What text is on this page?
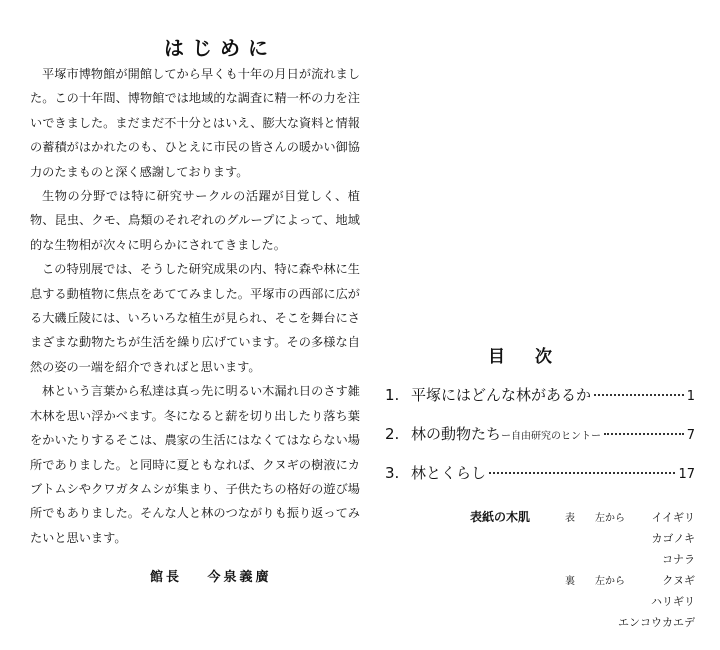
はじめに

平塚市博物館が開館してから早くも十年の月日が流れました。この十年間、博物館では地域的な調査に精一杯の力を注いできました。まだまだ不十分とはいえ、膨大な資料と情報の蓄積がはかれたのも、ひとえに市民の皆さんの暖かい御協力のたまものと深く感謝しております。

生物の分野では特に研究サークルの活躍が目覚しく、植物、昆虫、クモ、鳥類のそれぞれのグループによって、地域的な生物相が次々に明らかにされてきました。

この特別展では、そうした研究成果の内、特に森や林に生息する動植物に焦点をあててみました。平塚市の西部に広がる大磯丘陵には、いろいろな植生が見られ、そこを舞台にさまざまな動物たちが生活を繰り広げています。その多様な自然の姿の一端を紹介できればと思います。

林という言葉から私達は真っ先に明るい木漏れ日のさす雑木林を思い浮かべます。冬になると薪を切り出したり落ち葉をかいたりするそこは、農家の生活にはなくてはならない場所でありました。と同時に夏ともなれば、クヌギの樹液にカブトムシやクワガタムシが集まり、子供たちの格好の遊び場所でもありました。そんな人と林のつながりも振り返ってみたいと思います。

館長 今泉義廣
目次
1. 平塚にはどんな林があるか	1
2. 林の動物たち ー自由研究のヒントー	7
3. 林とくらし	17
表紙の木肌	表	左から	イイギリ
カゴノキ
コナラ
裏	左から	クヌギ
ハリギリ
エンコウカエデ
